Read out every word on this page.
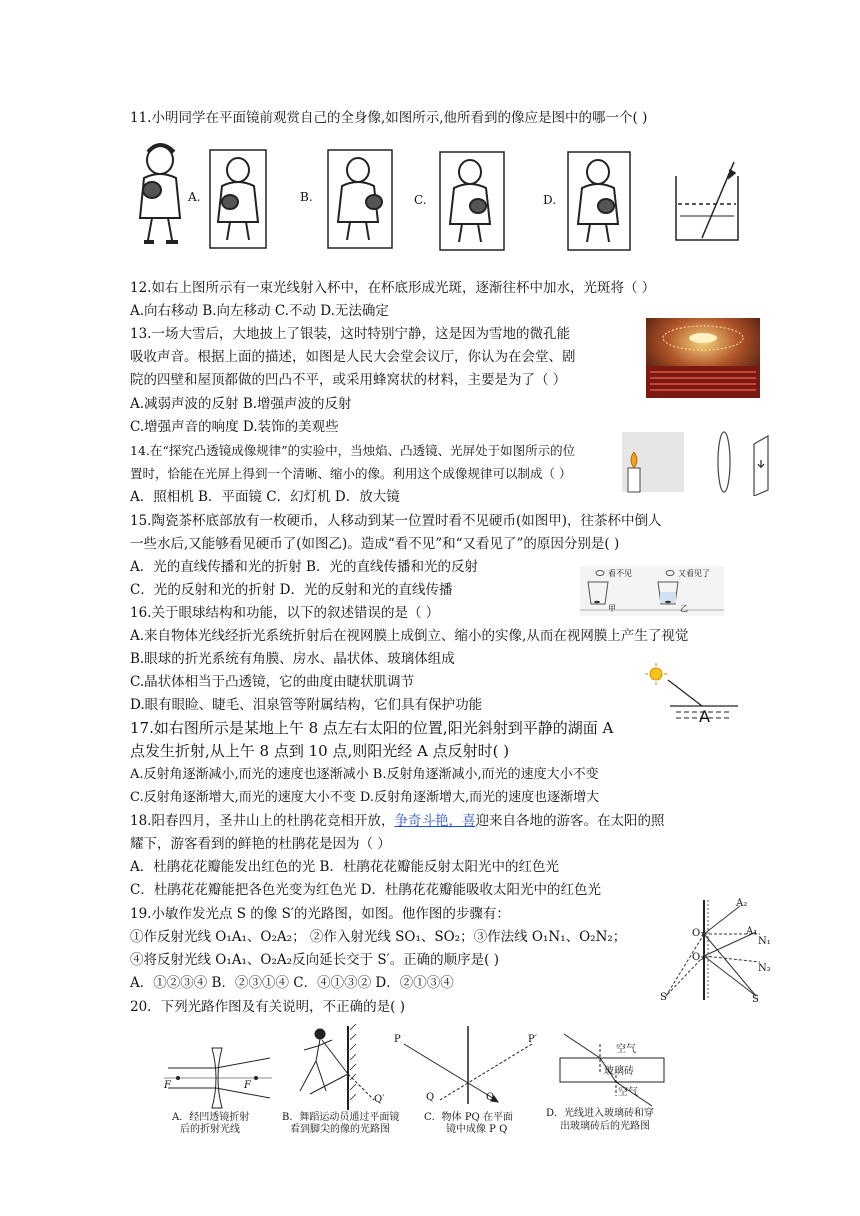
11.小明同学在平面镜前观赏自己的全身像,如图所示,他所看到的像应是图中的哪一个( )
A.	B.	C.	D.
12.如右上图所示有一束光线射入杯中，在杯底形成光斑，逐渐往杯中加水，光斑将（ ）
A.向右移动 B.向左移动 C.不动 D.无法确定
13.一场大雪后，大地披上了银装，这时特别宁静，这是因为雪地的微孔能
吸收声音。根据上面的描述，如图是人民大会堂会议厅，你认为在会堂、剧
院的四壁和屋顶都做的凹凸不平，或采用蜂窝状的材料，主要是为了（ ）
A.减弱声波的反射 B.增强声波的反射
C.增强声音的响度 D.装饰的美观些
14.在“探究凸透镜成像规律”的实验中，当烛焰、凸透镜、光屏处于如图所示的位
置时，恰能在光屏上得到一个清晰、缩小的像。利用这个成像规律可以制成（ ）
A．照相机 B．平面镜 C．幻灯机 D．放大镜
15.陶瓷茶杯底部放有一枚硬币，人移动到某一位置时看不见硬币(如图甲)，往茶杯中倒人
一些水后,又能够看见硬币了(如图乙)。造成“看不见”和“又看见了”的原因分别是( )
A．光的直线传播和光的折射 B．光的直线传播和光的反射
C．光的反射和光的折射 D．光的反射和光的直线传播
看不见	又看见了
甲	乙
16.关于眼球结构和功能，以下的叙述错误的是（ ）
A.来自物体光线经折光系统折射后在视网膜上成倒立、缩小的实像,从而在视网膜上产生了视觉
B.眼球的折光系统有角膜、房水、晶状体、玻璃体组成
C.晶状体相当于凸透镜，它的曲度由睫状肌调节
D.眼有眼睑、睫毛、泪泉管等附属结构，它们具有保护功能
A
17.如右图所示是某地上午 8 点左右太阳的位置,阳光斜射到平静的湖面 A
点发生折射,从上午 8 点到 10 点,则阳光经 A 点反射时( )
A.反射角逐渐减小,而光的速度也逐渐减小 B.反射角逐渐减小,而光的速度大小不变
C.反射角逐渐增大,而光的速度大小不变 D.反射角逐渐增大,而光的速度也逐渐增大
18.阳春四月，圣井山上的杜鹃花竞相开放，争奇斗艳，喜迎来自各地的游客。在太阳的照
耀下，游客看到的鲜艳的杜鹃花是因为（ ）
A．杜鹃花花瓣能发出红色的光 B．杜鹃花花瓣能反射太阳光中的红色光
C．杜鹃花花瓣能把各色光变为红色光 D．杜鹃花花瓣能吸收太阳光中的红色光
19.小敏作发光点 S 的像 S′的光路图，如图。他作图的步骤有：
①作反射光线 O₁A₁、O₂A₂； ②作入射光线 SO₁、SO₂；③作法线 O₁N₁、O₂N₂；
④将反射光线 O₁A₁、O₂A₂反向延长交于 S′。正确的顺序是( )
A．①②③④ B．②③①④ C．④①③② D．②①③④
A₂
O₁	A₁
N₁
O₂
N₂
S′	S
20．下列光路作图及有关说明，不正确的是( )
F	F
Q′
P	P′
Q	Q
空气
玻璃砖
空气
A．经凹透镜折射
后的折射光线
B．舞蹈运动员通过平面镜
看到脚尖的像的光路图
C．物体 PQ 在平面
镜中成像 P Q
D．光线进入玻璃砖和穿
出玻璃砖后的光路图
